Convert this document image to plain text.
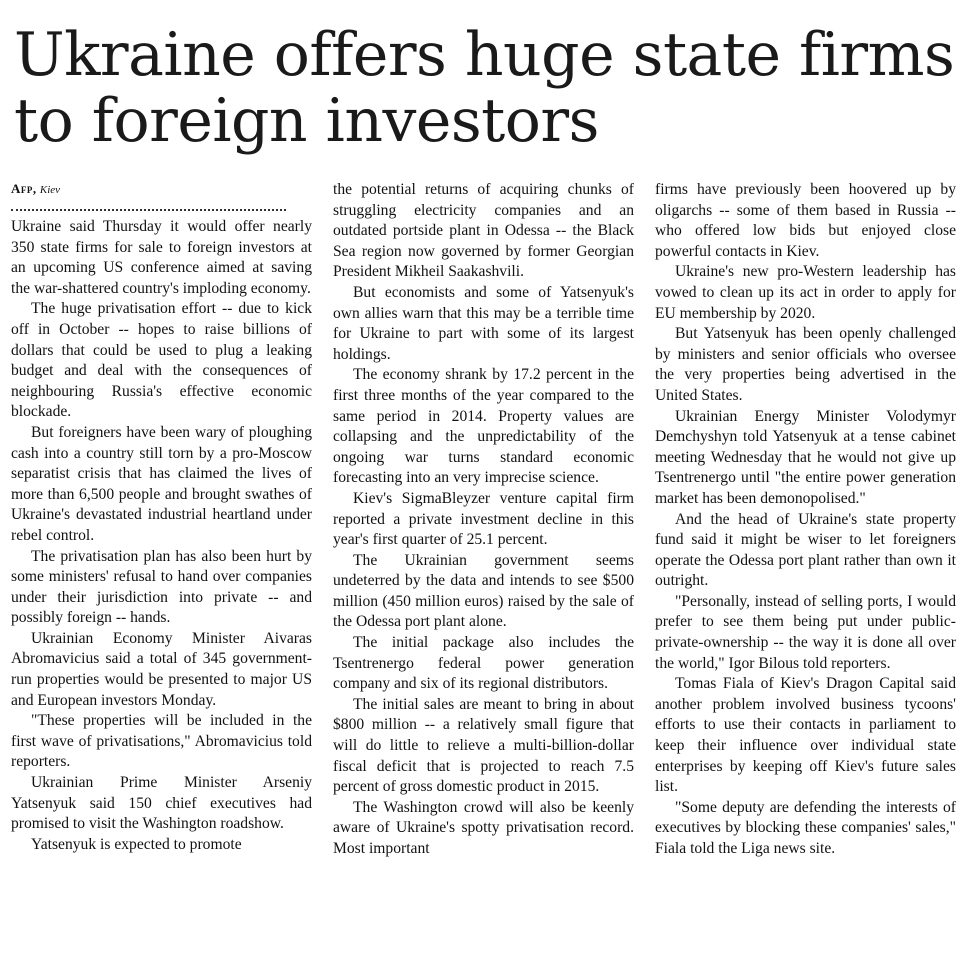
Ukraine offers huge state firms to foreign investors
Afp, Kiev

Ukraine said Thursday it would offer nearly 350 state firms for sale to foreign investors at an upcoming US conference aimed at saving the war-shattered country's imploding economy.

The huge privatisation effort -- due to kick off in October -- hopes to raise billions of dollars that could be used to plug a leaking budget and deal with the consequences of neighbouring Russia's effective economic blockade.

But foreigners have been wary of ploughing cash into a country still torn by a pro-Moscow separatist crisis that has claimed the lives of more than 6,500 people and brought swathes of Ukraine's devastated industrial heartland under rebel control.

The privatisation plan has also been hurt by some ministers' refusal to hand over companies under their jurisdiction into private -- and possibly foreign -- hands.

Ukrainian Economy Minister Aivaras Abromavicius said a total of 345 government-run properties would be presented to major US and European investors Monday.

"These properties will be included in the first wave of privatisations," Abromavicius told reporters.

Ukrainian Prime Minister Arseniy Yatsenyuk said 150 chief executives had promised to visit the Washington roadshow.

Yatsenyuk is expected to promote

the potential returns of acquiring chunks of struggling electricity companies and an outdated portside plant in Odessa -- the Black Sea region now governed by former Georgian President Mikheil Saakashvili.

But economists and some of Yatsenyuk's own allies warn that this may be a terrible time for Ukraine to part with some of its largest holdings.

The economy shrank by 17.2 percent in the first three months of the year compared to the same period in 2014. Property values are collapsing and the unpredictability of the ongoing war turns standard economic forecasting into an very imprecise science.

Kiev's SigmaBleyzer venture capital firm reported a private investment decline in this year's first quarter of 25.1 percent.

The Ukrainian government seems undeterred by the data and intends to see $500 million (450 million euros) raised by the sale of the Odessa port plant alone.

The initial package also includes the Tsentrenergo federal power generation company and six of its regional distributors.

The initial sales are meant to bring in about $800 million -- a relatively small figure that will do little to relieve a multi-billion-dollar fiscal deficit that is projected to reach 7.5 percent of gross domestic product in 2015.

The Washington crowd will also be keenly aware of Ukraine's spotty privatisation record. Most important

firms have previously been hoovered up by oligarchs -- some of them based in Russia -- who offered low bids but enjoyed close powerful contacts in Kiev.

Ukraine's new pro-Western leadership has vowed to clean up its act in order to apply for EU membership by 2020.

But Yatsenyuk has been openly challenged by ministers and senior officials who oversee the very properties being advertised in the United States.

Ukrainian Energy Minister Volodymyr Demchyshyn told Yatsenyuk at a tense cabinet meeting Wednesday that he would not give up Tsentrenergo until "the entire power generation market has been demonopolised."

And the head of Ukraine's state property fund said it might be wiser to let foreigners operate the Odessa port plant rather than own it outright.

"Personally, instead of selling ports, I would prefer to see them being put under public-private-ownership -- the way it is done all over the world," Igor Bilous told reporters.

Tomas Fiala of Kiev's Dragon Capital said another problem involved business tycoons' efforts to use their contacts in parliament to keep their influence over individual state enterprises by keeping off Kiev's future sales list.

"Some deputy are defending the interests of executives by blocking these companies' sales," Fiala told the Liga news site.
